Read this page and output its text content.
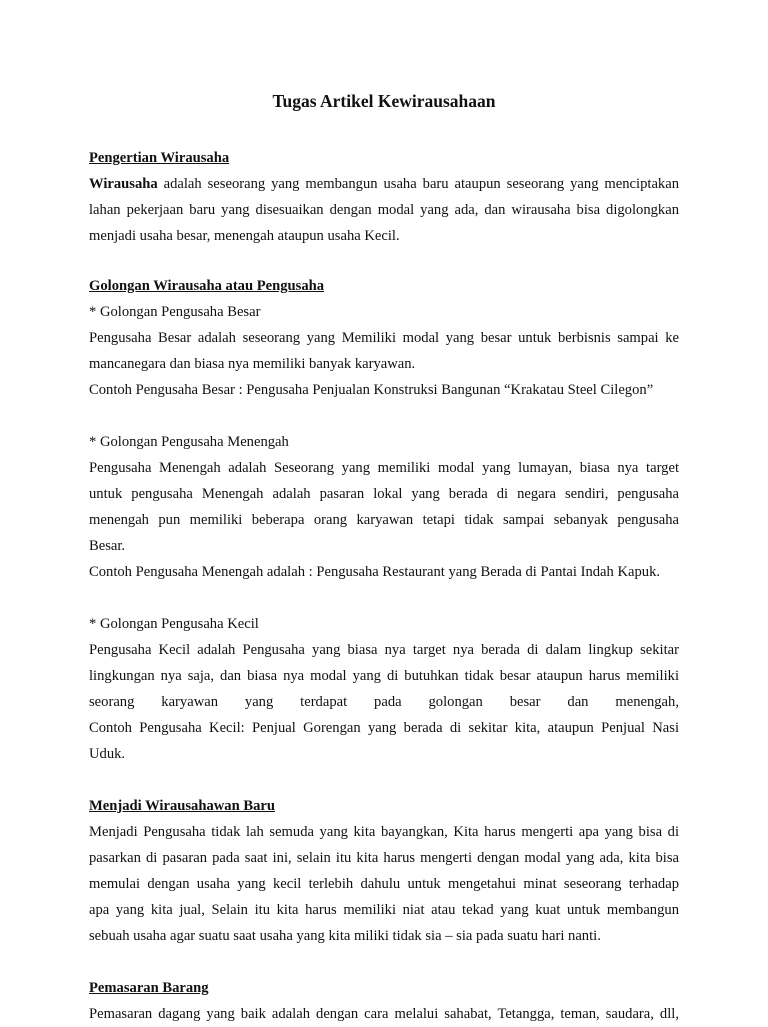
Tugas Artikel Kewirausahaan
Pengertian Wirausaha
Wirausaha adalah seseorang yang membangun usaha baru ataupun seseorang yang menciptakan
lahan pekerjaan baru yang disesuaikan dengan modal yang ada, dan wirausaha bisa digolongkan
menjadi usaha besar, menengah ataupun usaha Kecil.
Golongan Wirausaha atau Pengusaha
* Golongan Pengusaha Besar
Pengusaha Besar adalah seseorang yang Memiliki modal yang besar untuk berbisnis sampai ke
mancanegara dan biasa nya memiliki banyak karyawan.
Contoh Pengusaha Besar : Pengusaha Penjualan Konstruksi Bangunan “Krakatau Steel Cilegon”
* Golongan Pengusaha Menengah
Pengusaha Menengah adalah Seseorang yang memiliki modal yang lumayan, biasa nya target
untuk pengusaha Menengah adalah pasaran lokal yang berada di negara sendiri, pengusaha
menengah pun memiliki beberapa orang karyawan tetapi tidak sampai sebanyak pengusaha
Besar.
Contoh Pengusaha Menengah adalah : Pengusaha Restaurant yang Berada di Pantai Indah Kapuk.
* Golongan Pengusaha Kecil
Pengusaha Kecil adalah Pengusaha yang biasa nya target nya berada di dalam lingkup sekitar
lingkungan nya saja, dan biasa nya modal yang di butuhkan tidak besar ataupun harus memiliki
seorang karyawan yang terdapat pada golongan besar dan menengah,
Contoh Pengusaha Kecil: Penjual Gorengan yang berada di sekitar kita, ataupun Penjual Nasi
Uduk.
Menjadi Wirausahawan Baru
Menjadi Pengusaha tidak lah semuda yang kita bayangkan, Kita harus mengerti apa yang bisa di
pasarkan di pasaran pada saat ini, selain itu kita harus mengerti dengan modal yang ada, kita bisa
memulai dengan usaha yang kecil terlebih dahulu untuk mengetahui minat seseorang terhadap
apa yang kita jual, Selain itu kita harus memiliki niat atau tekad yang kuat untuk membangun
sebuah usaha agar suatu saat usaha yang kita miliki tidak sia – sia pada suatu hari nanti.
Pemasaran Barang
Pemasaran dagang yang baik adalah dengan cara melalui sahabat, Tetangga, teman, saudara, dll,
